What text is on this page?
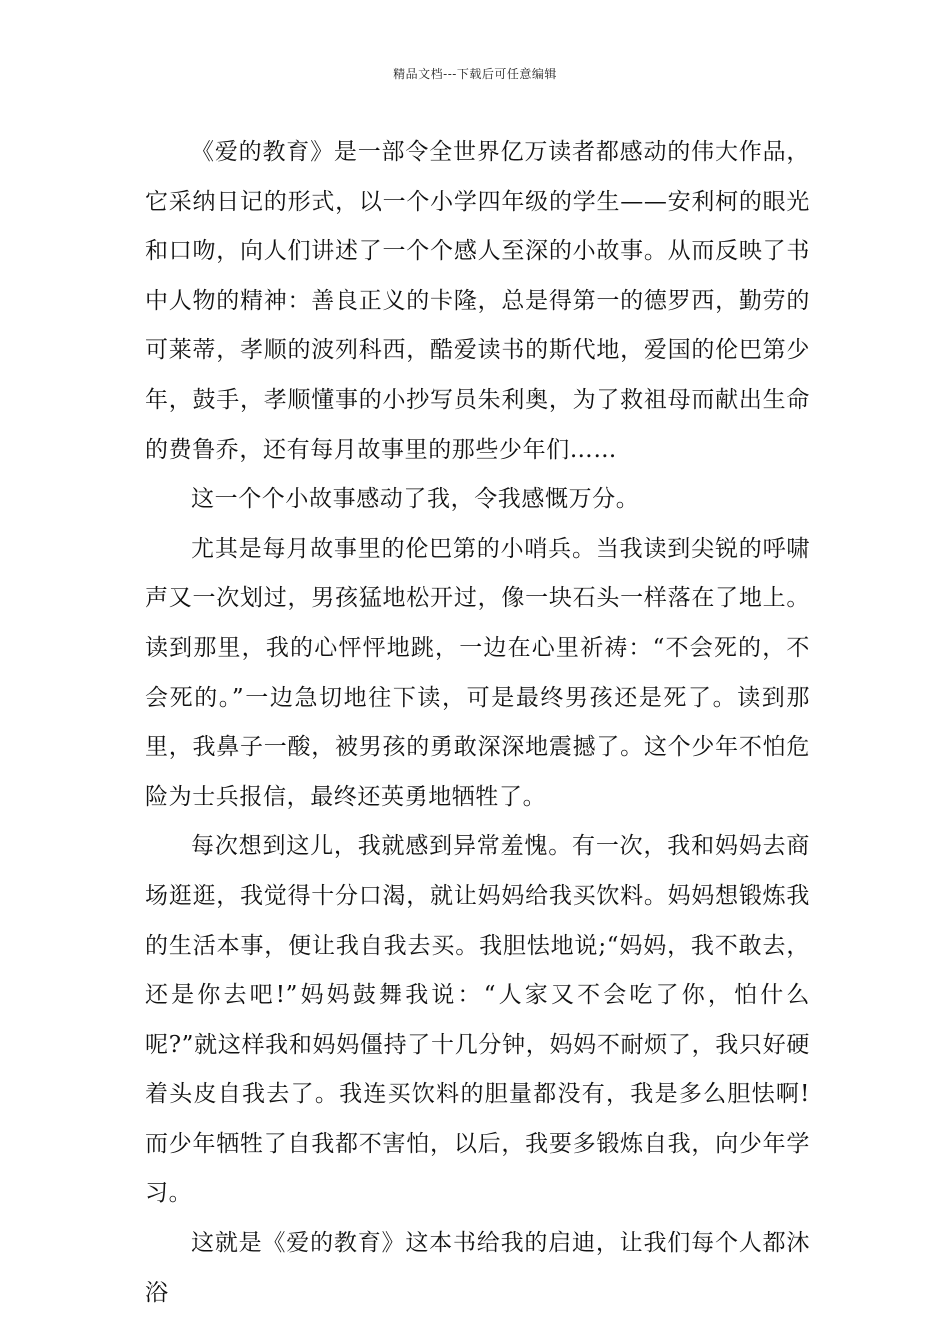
精品文档---下载后可任意编辑

《爱的教育》是一部令全世界亿万读者都感动的伟大作品，它采纳日记的形式，以一个小学四年级的学生——安利柯的眼光和口吻，向人们讲述了一个个感人至深的小故事。从而反映了书中人物的精神：善良正义的卡隆，总是得第一的德罗西，勤劳的可莱蒂，孝顺的波列科西，酷爱读书的斯代地，爱国的伦巴第少年，鼓手，孝顺懂事的小抄写员朱利奥，为了救祖母而献出生命的费鲁乔，还有每月故事里的那些少年们……

这一个个小故事感动了我，令我感慨万分。

尤其是每月故事里的伦巴第的小哨兵。当我读到尖锐的呼啸声又一次划过，男孩猛地松开过，像一块石头一样落在了地上。读到那里，我的心怦怦地跳，一边在心里祈祷：“不会死的，不会死的。”一边急切地往下读，可是最终男孩还是死了。读到那里，我鼻子一酸，被男孩的勇敢深深地震撼了。这个少年不怕危险为士兵报信，最终还英勇地牺牲了。

每次想到这儿，我就感到异常羞愧。有一次，我和妈妈去商场逛逛，我觉得十分口渴，就让妈妈给我买饮料。妈妈想锻炼我的生活本事，便让我自我去买。我胆怯地说;“妈妈，我不敢去，还是你去吧!”妈妈鼓舞我说：“人家又不会吃了你，怕什么呢?”就这样我和妈妈僵持了十几分钟，妈妈不耐烦了，我只好硬着头皮自我去了。我连买饮料的胆量都没有，我是多么胆怯啊!而少年牺牲了自我都不害怕，以后，我要多锻炼自我，向少年学习。

这就是《爱的教育》这本书给我的启迪，让我们每个人都沐浴
